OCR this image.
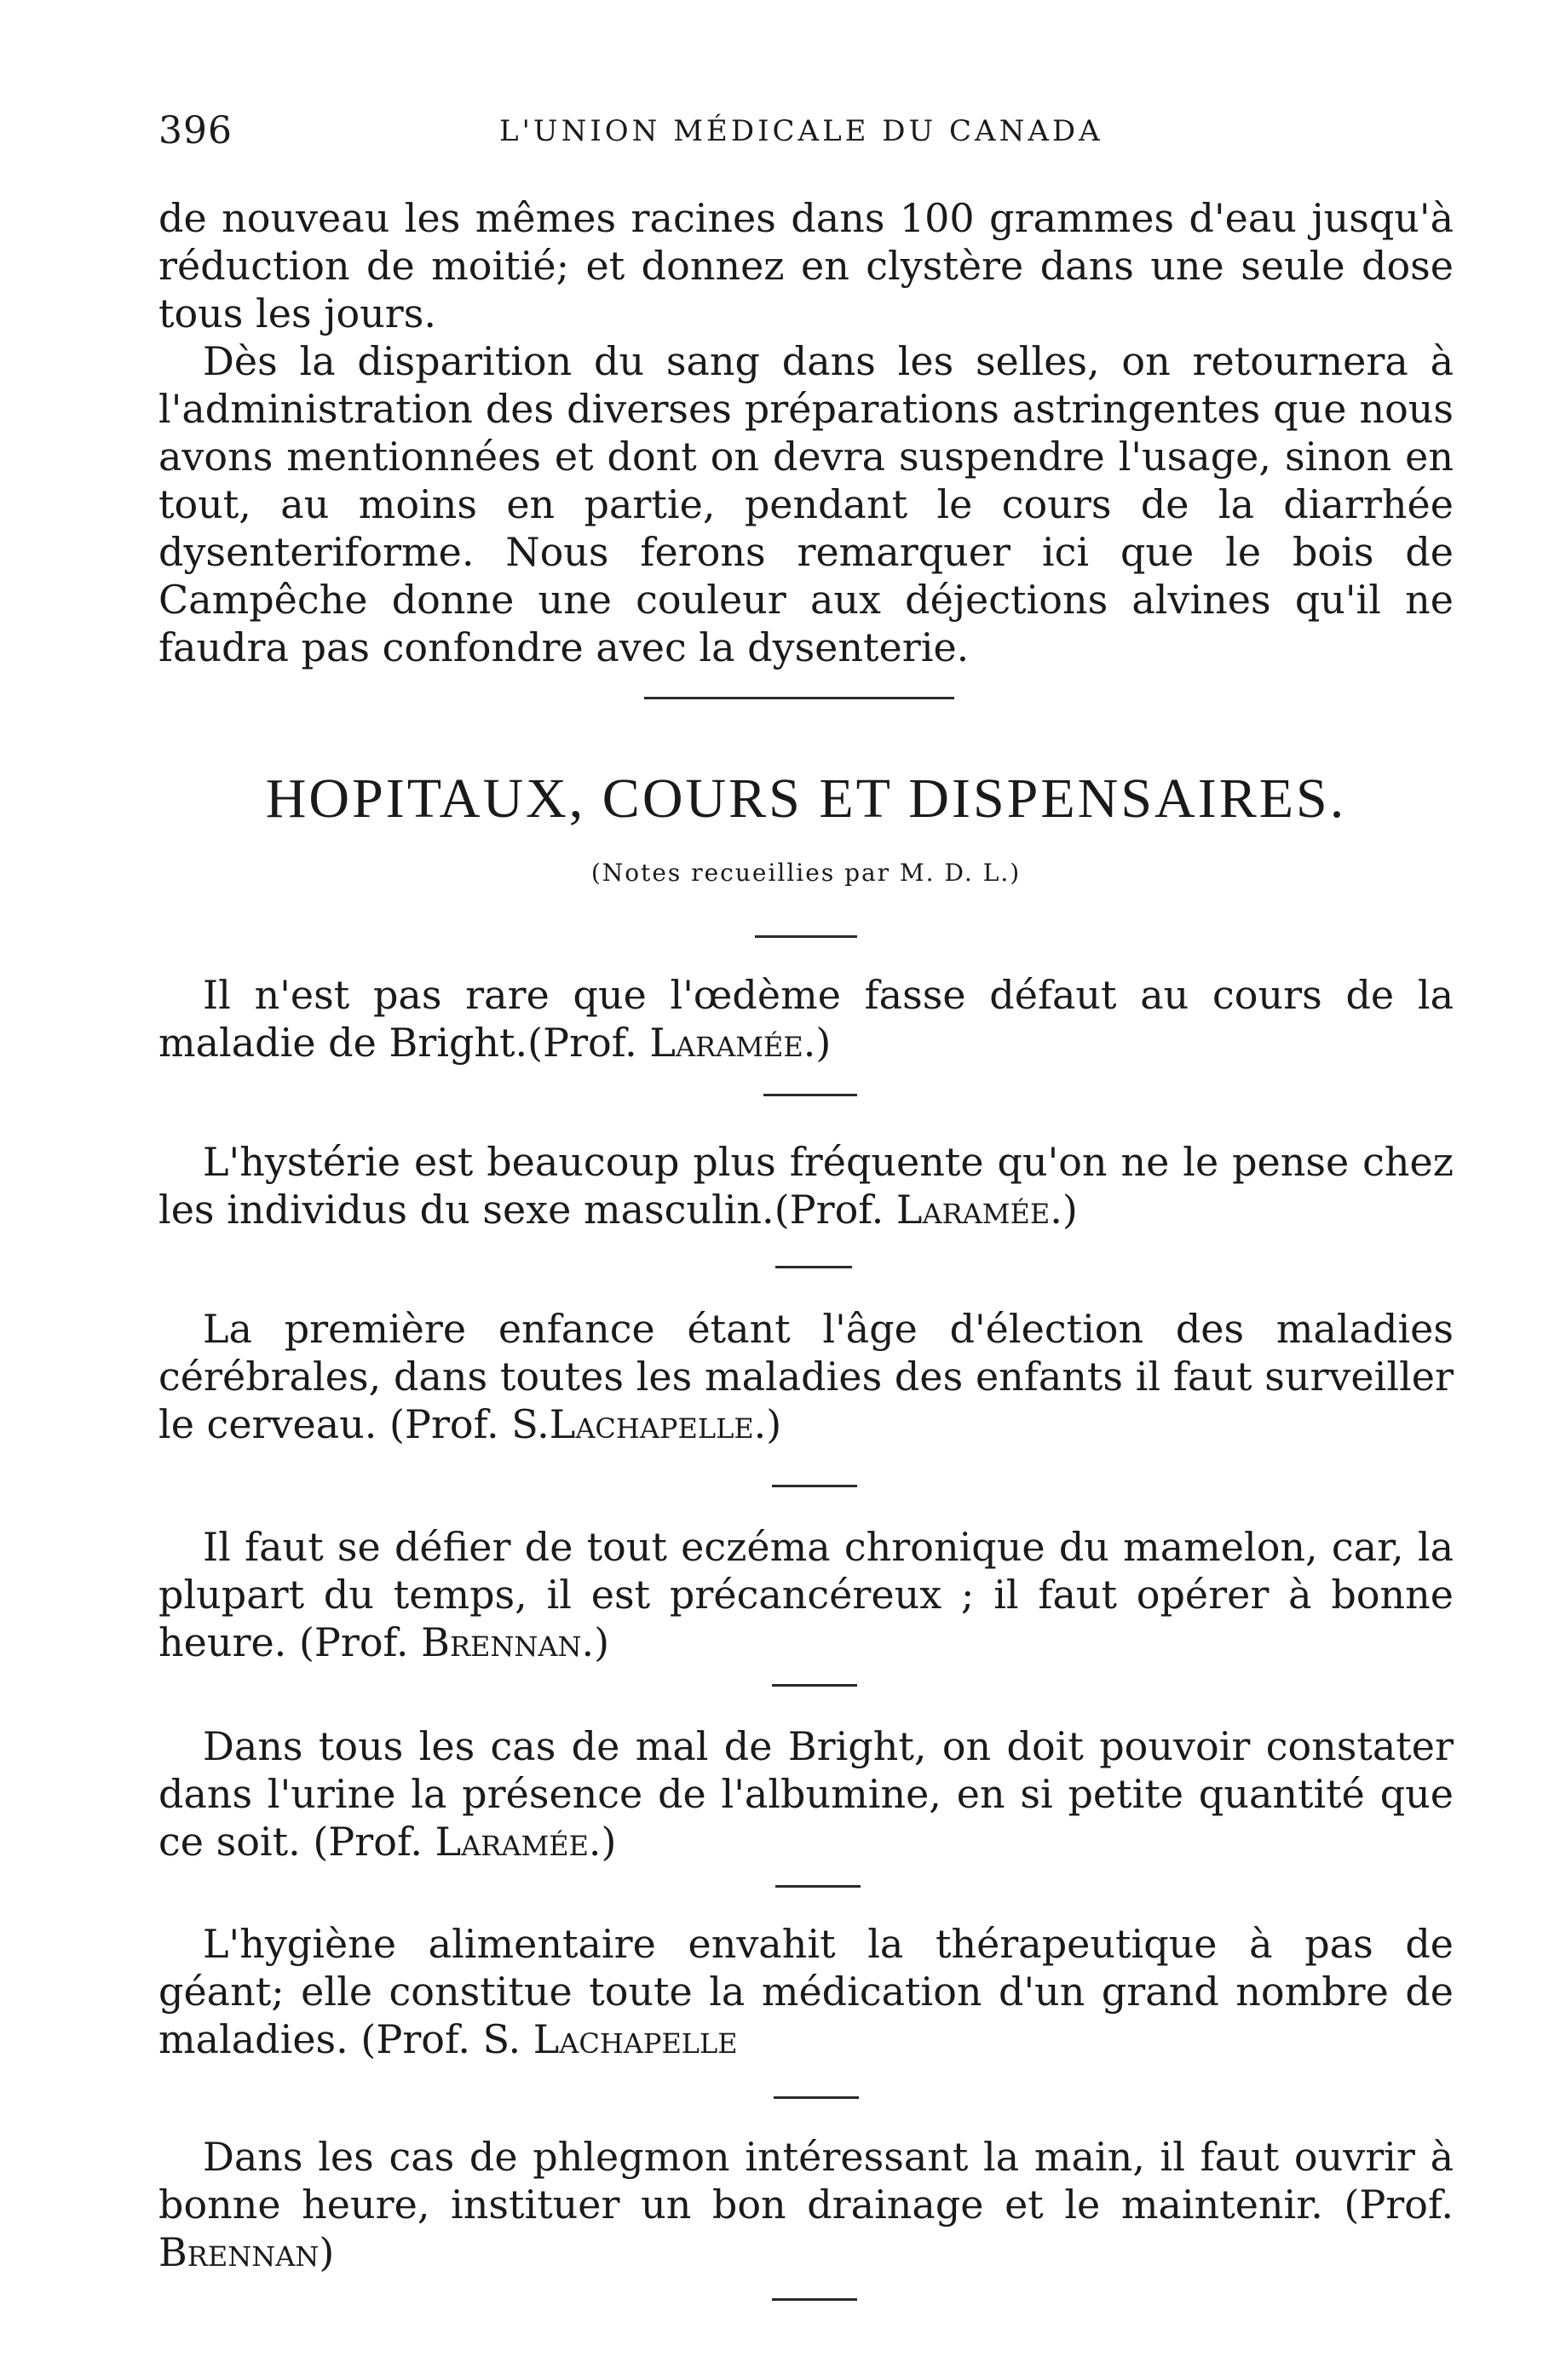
396	L'UNION MÉDICALE DU CANADA

de nouveau les mêmes racines dans 100 grammes d'eau jusqu'à réduction de moitié; et donnez en clystère dans une seule dose tous les jours.

Dès la disparition du sang dans les selles, on retournera à l'administration des diverses préparations astringentes que nous avons mentionnées et dont on devra suspendre l'usage, sinon en tout, au moins en partie, pendant le cours de la diarrhée dysenteriforme. Nous ferons remarquer ici que le bois de Campêche donne une couleur aux déjections alvines qu'il ne faudra pas confondre avec la dysenterie.

HOPITAUX, COURS ET DISPENSAIRES.
(Notes recueillies par M. D. L.)

Il n'est pas rare que l'œdème fasse défaut au cours de la maladie de Bright.(Prof. Laramée.)

L'hystérie est beaucoup plus fréquente qu'on ne le pense chez les individus du sexe masculin.(Prof. Laramée.)

La première enfance étant l'âge d'élection des maladies cérébrales, dans toutes les maladies des enfants il faut surveiller le cerveau. (Prof. S.Lachapelle.)

Il faut se défier de tout eczéma chronique du mamelon, car, la plupart du temps, il est précancéreux ; il faut opérer à bonne heure. (Prof. Brennan.)

Dans tous les cas de mal de Bright, on doit pouvoir constater dans l'urine la présence de l'albumine, en si petite quantité que ce soit. (Prof. Laramée.)

L'hygiène alimentaire envahit la thérapeutique à pas de géant; elle constitue toute la médication d'un grand nombre de maladies. (Prof. S. Lachapelle

Dans les cas de phlegmon intéressant la main, il faut ouvrir à bonne heure, instituer un bon drainage et le maintenir. (Prof. Brennan)
